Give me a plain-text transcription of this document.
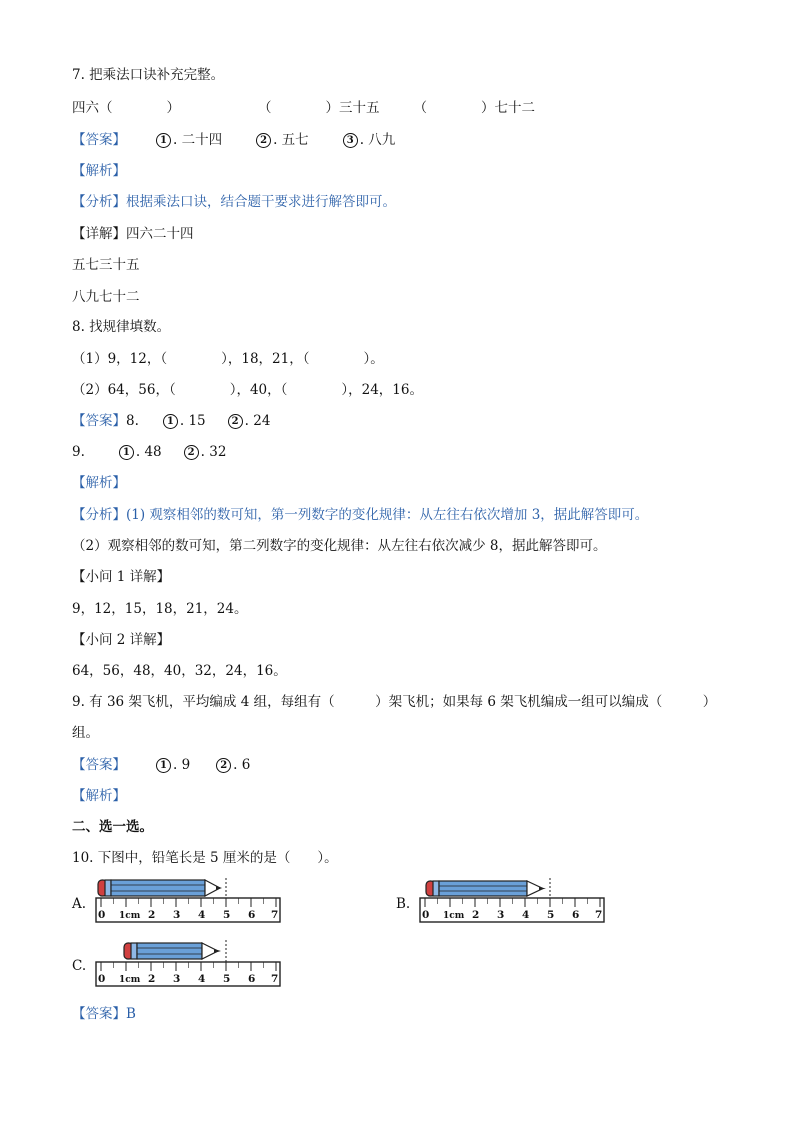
7. 把乘法口诀补充完整。
四六（　　　　）	（　　　　）三十五	（　　　　）七十二
【答案】	1 . 二十四	2 . 五七	3 . 八九
【解析】
【分析】根据乘法口诀，结合题干要求进行解答即可。
【详解】四六二十四
五七三十五
八九七十二
8. 找规律填数。
（1）9，12，（　　　　），18，21，（　　　　）。
（2）64，56，（　　　　），40，（　　　　），24，16。
【答案】8.	1 . 15	2 . 24
9.	1 . 48	2 . 32
【解析】
【分析】(1) 观察相邻的数可知，第一列数字的变化规律：从左往右依次增加 3，据此解答即可。
（2）观察相邻的数可知，第二列数字的变化规律：从左往右依次减少 8，据此解答即可。
【小问 1 详解】
9，12，15，18，21，24。
【小问 2 详解】
64，56，48，40，32，24，16。
9. 有 36 架飞机，平均编成 4 组，每组有（　　　）架飞机；如果每 6 架飞机编成一组可以编成（　　　）
组。
【答案】	1 . 9	2 . 6
【解析】
二、选一选。
10. 下图中，铅笔长是 5 厘米的是（　　）。
A.	B.
C.
0 1cm 2 3 4 5 6 7	0 1cm 2 3 4 5 6 7
0 1cm 2 3 4 5 6 7
【答案】B
